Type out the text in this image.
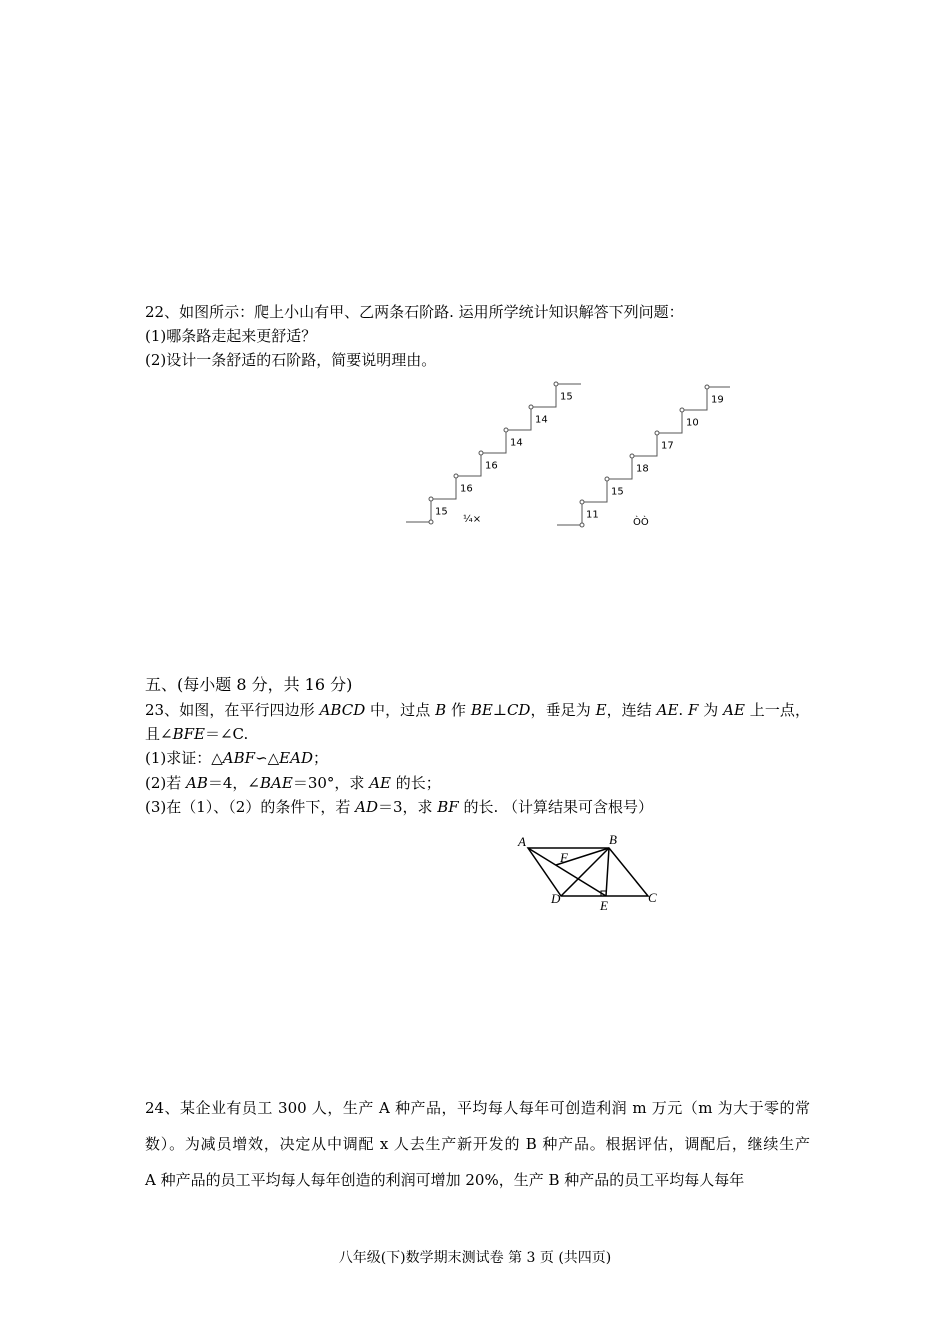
22、如图所示：爬上小山有甲、乙两条石阶路. 运用所学统计知识解答下列问题：
(1)哪条路走起来更舒适？
(2)设计一条舒适的石阶路，简要说明理由。
15
16
16
14
14
15
11
15
18
17
10
19
¼×	ÒÒ
五、(每小题 8 分，共 16 分)
23、如图，在平行四边形 ABCD 中，过点 B 作 BE⊥CD，垂足为 E，连结 AE. F 为 AE 上一点，
且∠BFE＝∠C.
(1)求证：△ABF∽△EAD；
(2)若 AB＝4，∠BAE＝30°，求 AE 的长；
(3)在（1）、（2）的条件下，若 AD＝3，求 BF 的长. （计算结果可含根号）
A	B
C
D	E
F
24、某企业有员工 300 人，生产 A 种产品，平均每人每年可创造利润 m 万元（m 为大于零的常
数）。为减员增效，决定从中调配 x 人去生产新开发的 B 种产品。根据评估，调配后，继续生产
A 种产品的员工平均每人每年创造的利润可增加 20%，生产 B 种产品的员工平均每人每年
八年级(下)数学期末测试卷 第 3 页 (共四页)
